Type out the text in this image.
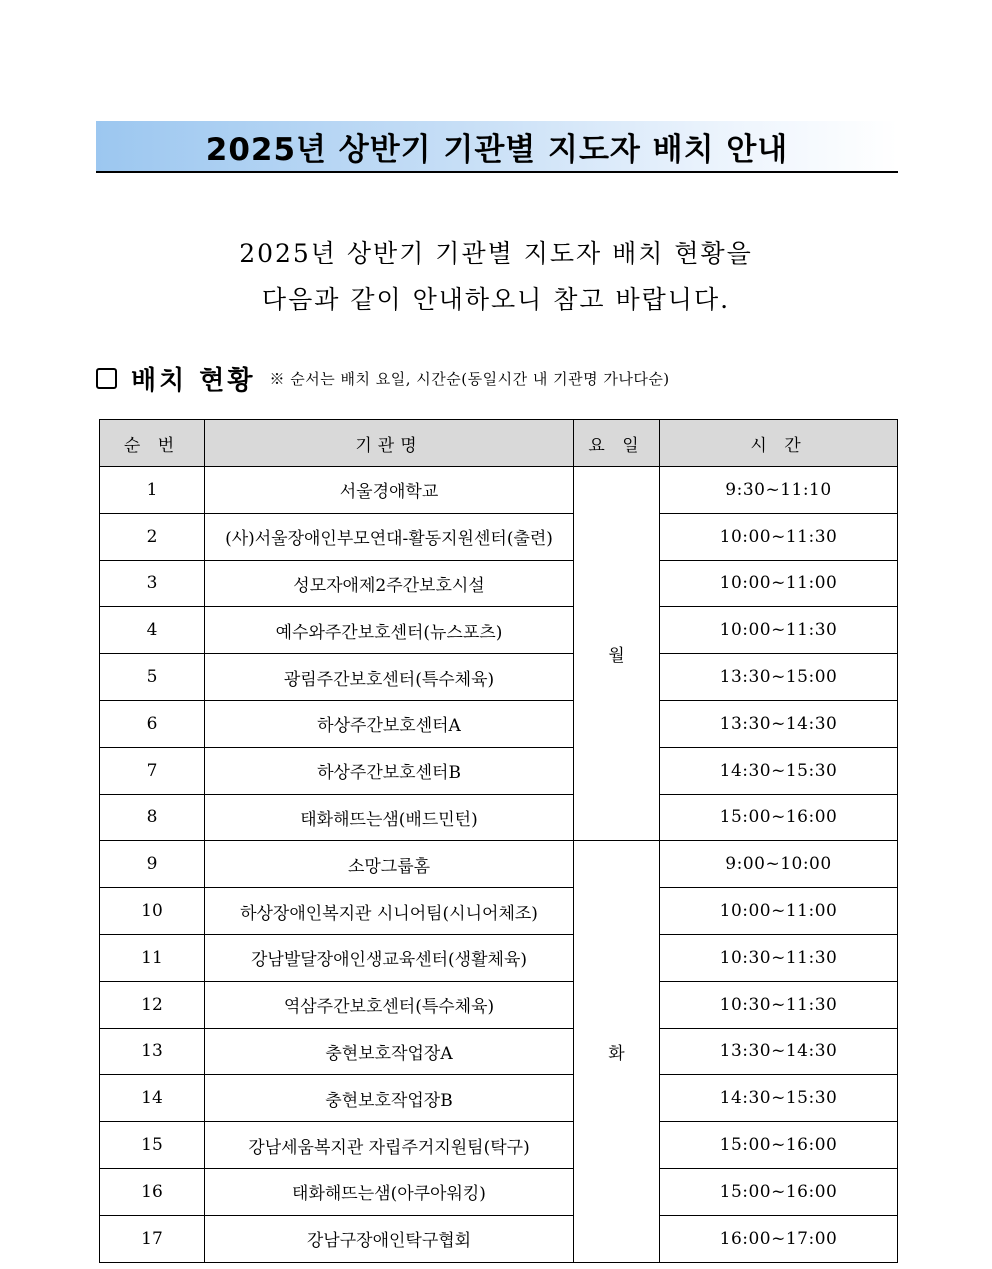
2025년 상반기 기관별 지도자 배치 안내
2025년 상반기 기관별 지도자 배치 현황을
다음과 같이 안내하오니 참고 바랍니다.
배치 현황 ※ 순서는 배치 요일, 시간순(동일시간 내 기관명 가나다순)
순 번	기관명	요 일	시 간
1	서울경애학교	월	9:30~11:10
2	(사)서울장애인부모연대-활동지원센터(출련)		10:00~11:30
3	성모자애제2주간보호시설		10:00~11:00
4	예수와주간보호센터(뉴스포츠)		10:00~11:30
5	광림주간보호센터(특수체육)		13:30~15:00
6	하상주간보호센터A		13:30~14:30
7	하상주간보호센터B		14:30~15:30
8	태화해뜨는샘(배드민턴)		15:00~16:00
9	소망그룹홈	화	9:00~10:00
10	하상장애인복지관 시니어팀(시니어체조)		10:00~11:00
11	강남발달장애인생교육센터(생활체육)		10:30~11:30
12	역삼주간보호센터(특수체육)		10:30~11:30
13	충현보호작업장A		13:30~14:30
14	충현보호작업장B		14:30~15:30
15	강남세움복지관 자립주거지원팀(탁구)		15:00~16:00
16	태화해뜨는샘(아쿠아워킹)		15:00~16:00
17	강남구장애인탁구협회		16:00~17:00
